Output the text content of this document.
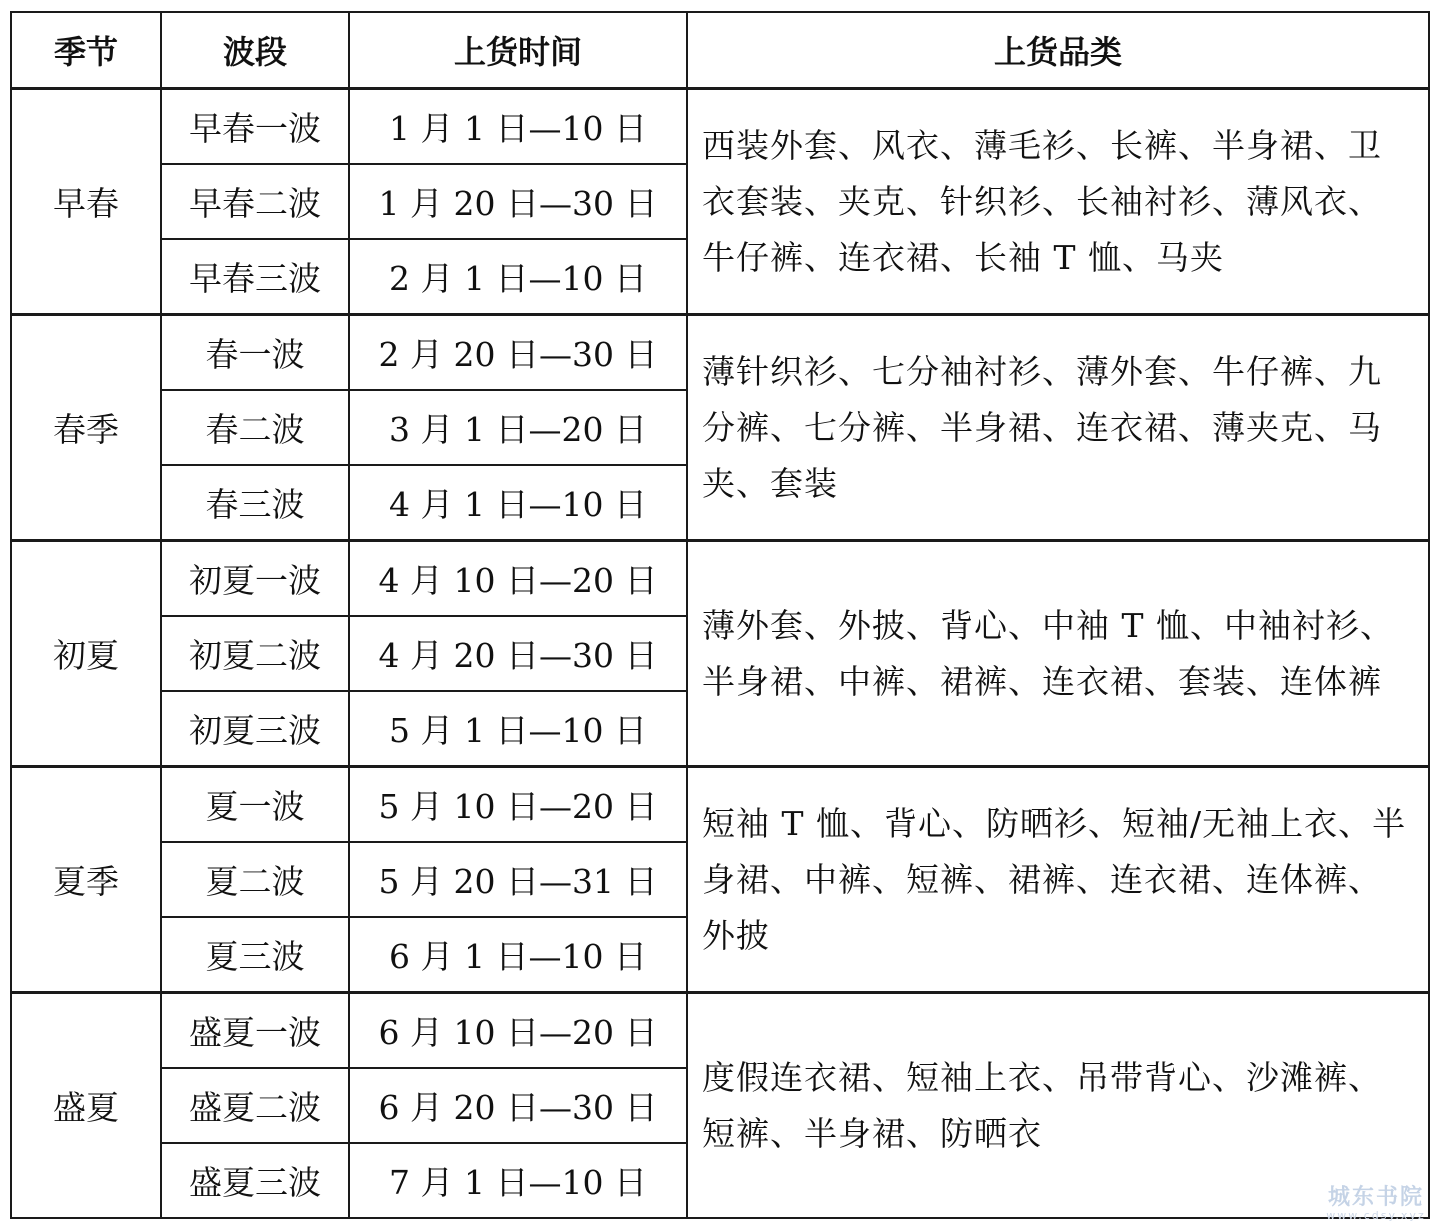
季节	波段	上货时间	上货品类
早春	早春一波	1 月 1 日—10 日	西装外套、风衣、薄毛衫、长裤、半身裙、卫衣套装、夹克、针织衫、长袖衬衫、薄风衣、牛仔裤、连衣裙、长袖 T 恤、马夹
	早春二波	1 月 20 日—30 日	
	早春三波	2 月 1 日—10 日	
春季	春一波	2 月 20 日—30 日	薄针织衫、七分袖衬衫、薄外套、牛仔裤、九分裤、七分裤、半身裙、连衣裙、薄夹克、马夹、套装
	春二波	3 月 1 日—20 日	
	春三波	4 月 1 日—10 日	
初夏	初夏一波	4 月 10 日—20 日	薄外套、外披、背心、中袖 T 恤、中袖衬衫、半身裙、中裤、裙裤、连衣裙、套装、连体裤
	初夏二波	4 月 20 日—30 日	
	初夏三波	5 月 1 日—10 日	
夏季	夏一波	5 月 10 日—20 日	短袖 T 恤、背心、防晒衫、短袖/无袖上衣、半身裙、中裤、短裤、裙裤、连衣裙、连体裤、外披
	夏二波	5 月 20 日—31 日	
	夏三波	6 月 1 日—10 日	
盛夏	盛夏一波	6 月 10 日—20 日	度假连衣裙、短袖上衣、吊带背心、沙滩裤、短裤、半身裙、防晒衣
	盛夏二波	6 月 20 日—30 日	
	盛夏三波	7 月 1 日—10 日		城东书院
www.cdsy.xyz
